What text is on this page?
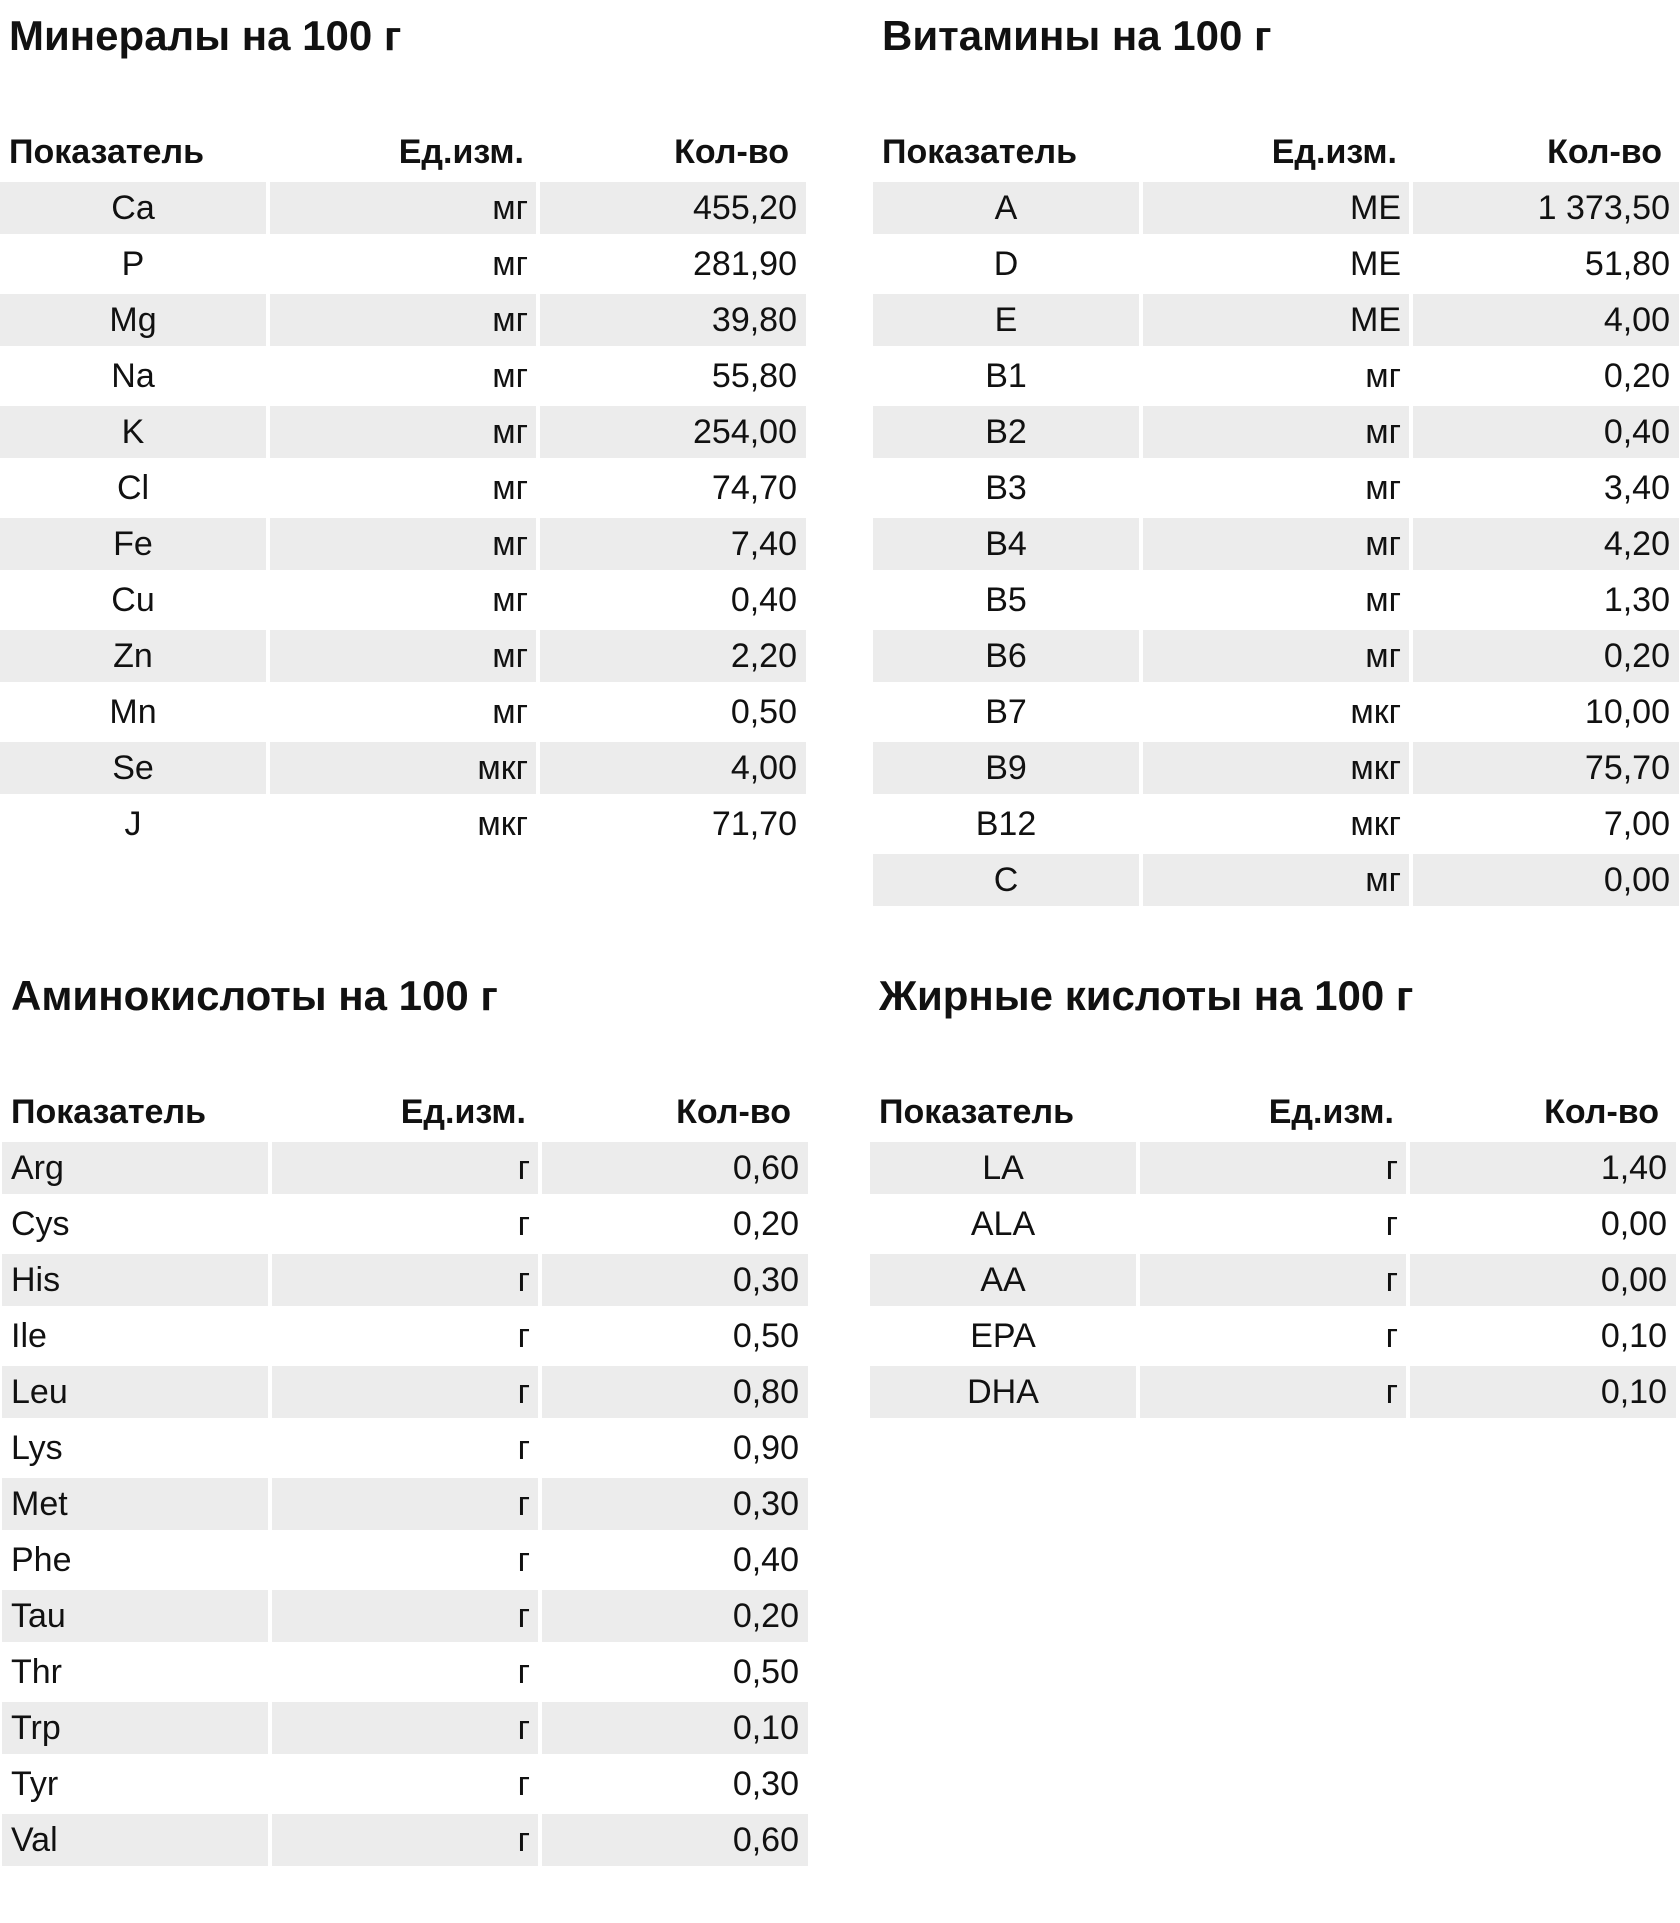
Минералы на 100 г
Показатель	Ед.изм.	Кол-во
Ca	мг	455,20
P	мг	281,90
Mg	мг	39,80
Na	мг	55,80
K	мг	254,00
Cl	мг	74,70
Fe	мг	7,40
Cu	мг	0,40
Zn	мг	2,20
Mn	мг	0,50
Se	мкг	4,00
J	мкг	71,70
Витамины на 100 г
Показатель	Ед.изм.	Кол-во
A	МЕ	1 373,50
D	МЕ	51,80
E	МЕ	4,00
B1	мг	0,20
B2	мг	0,40
B3	мг	3,40
B4	мг	4,20
B5	мг	1,30
B6	мг	0,20
B7	мкг	10,00
B9	мкг	75,70
B12	мкг	7,00
C	мг	0,00
Аминокислоты на 100 г
Показатель	Ед.изм.	Кол-во
Arg	г	0,60
Cys	г	0,20
His	г	0,30
Ile	г	0,50
Leu	г	0,80
Lys	г	0,90
Met	г	0,30
Phe	г	0,40
Tau	г	0,20
Thr	г	0,50
Trp	г	0,10
Tyr	г	0,30
Val	г	0,60
Жирные кислоты на 100 г
Показатель	Ед.изм.	Кол-во
LA	г	1,40
ALA	г	0,00
AA	г	0,00
EPA	г	0,10
DHA	г	0,10
